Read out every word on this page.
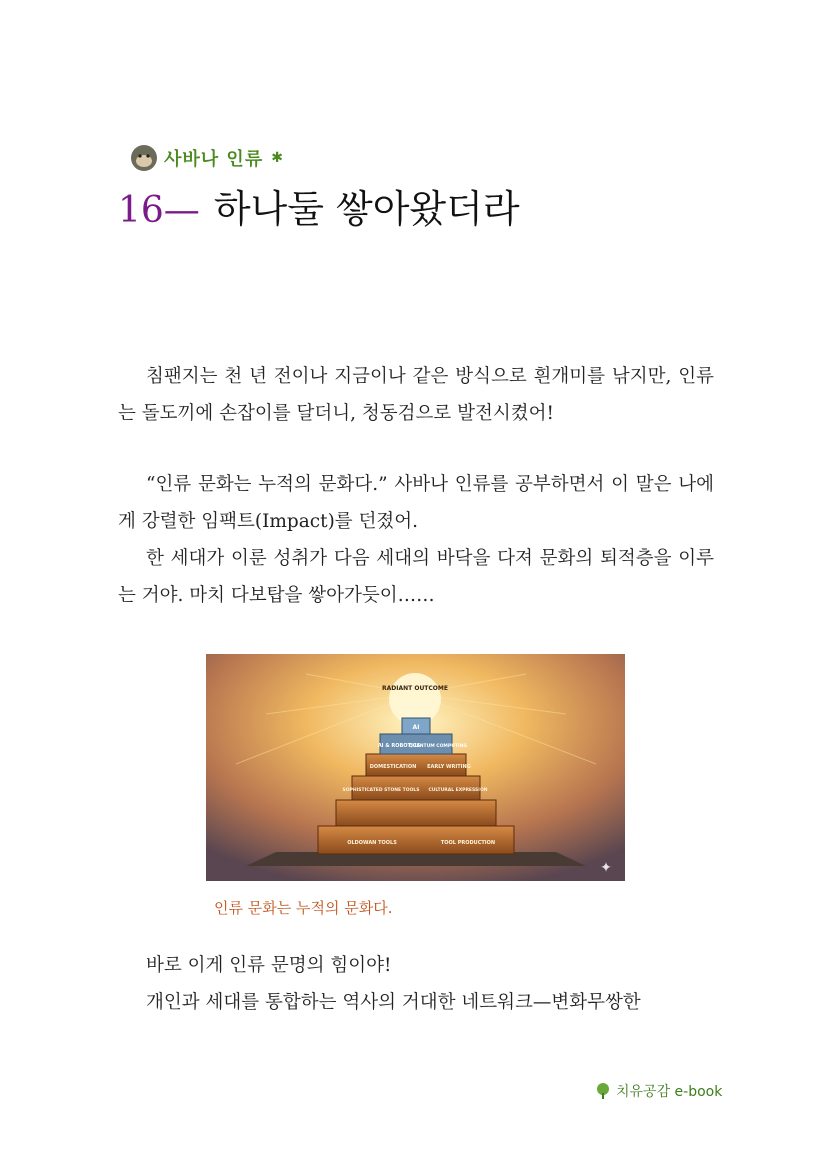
사바나 인류 ✱
16— 하나둘 쌓아왔더라

침팬지는 천 년 전이나 지금이나 같은 방식으로 흰개미를 낚지만, 인류는 돌도끼에 손잡이를 달더니, 청동검으로 발전시켰어!

“인류 문화는 누적의 문화다.” 사바나 인류를 공부하면서 이 말은 나에게 강렬한 임팩트(Impact)를 던졌어.

한 세대가 이룬 성취가 다음 세대의 바닥을 다져 문화의 퇴적층을 이루는 거야. 마치 다보탑을 쌓아가듯이……

RADIANT OUTCOME
AI
AI & ROBOTICS
QUANTUM COMPUTING
DOMESTICATION EARLY WRITING
SOPHISTICATED STONE TOOLS CULTURAL EXPRESSION
OLDOWAN TOOLS	TOOL PRODUCTION
✦
인류 문화는 누적의 문화다.

바로 이게 인류 문명의 힘이야!

개인과 세대를 통합하는 역사의 거대한 네트워크—변화무쌍한

치유공감 e-book
